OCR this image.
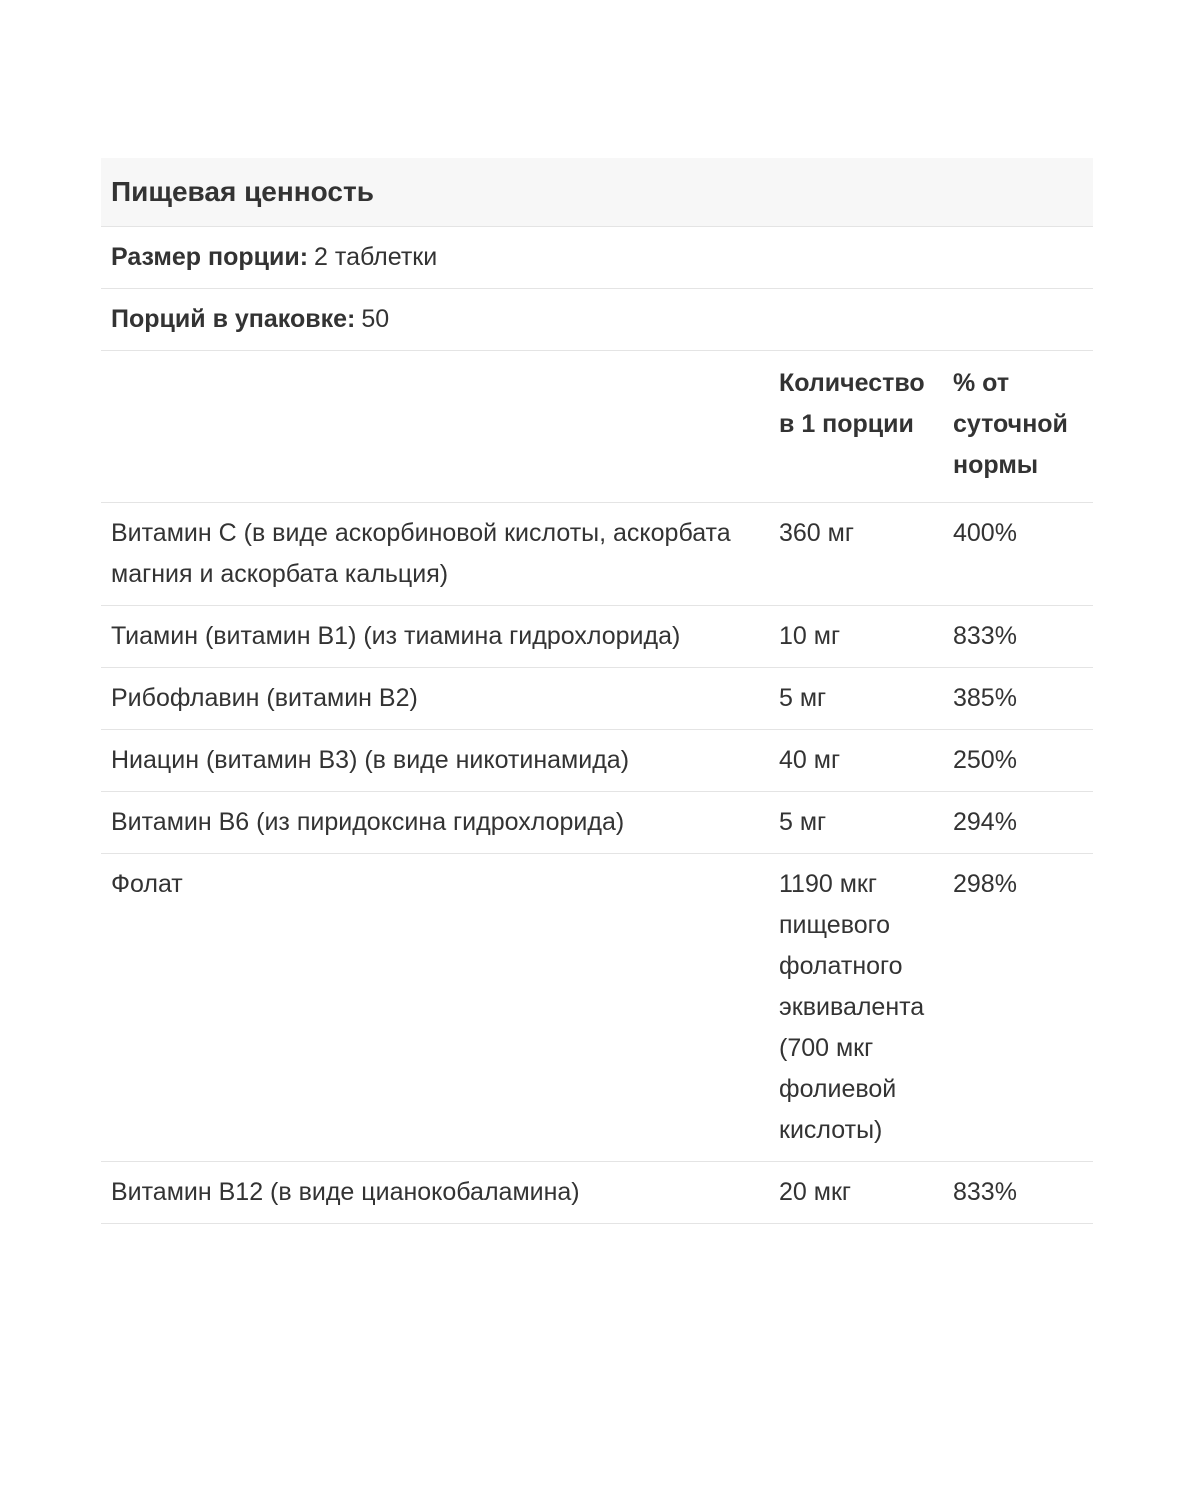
Пищевая ценность
Размер порции: 2 таблетки
Порций в упаковке: 50
	Количество в 1 порции	% от суточной нормы
Витамин С (в виде аскорбиновой кислоты, аскорбата магния и аскорбата кальция)	360 мг	400%
Тиамин (витамин B1) (из тиамина гидрохлорида)	10 мг	833%
Рибофлавин (витамин B2)	5 мг	385%
Ниацин (витамин B3) (в виде никотинамида)	40 мг	250%
Витамин B6 (из пиридоксина гидрохлорида)	5 мг	294%
Фолат	1190 мкг пищевого фолатного эквивалента (700 мкг фолиевой кислоты)	298%
Витамин B12 (в виде цианокобаламина)	20 мкг	833%
